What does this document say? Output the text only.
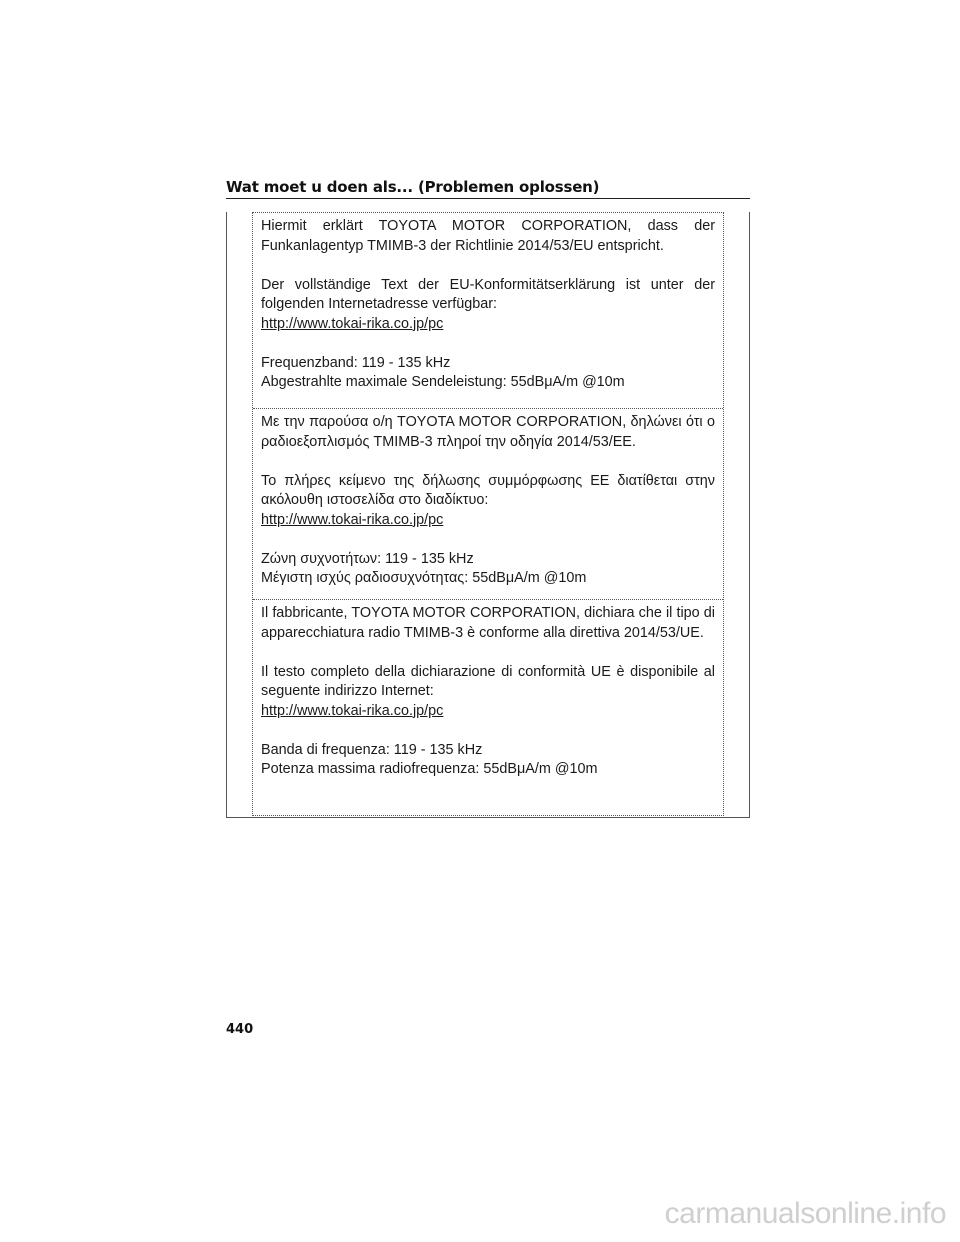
Wat moet u doen als... (Problemen oplossen)

Hiermit erklärt TOYOTA MOTOR CORPORATION, dass der Funkanlagentyp TMIMB-3 der Richtlinie 2014/53/EU entspricht.

Der vollständige Text der EU-Konformitätserklärung ist unter der folgenden Internetadresse verfügbar:

http://www.tokai-rika.co.jp/pc

Frequenzband: 119 - 135 kHz

Abgestrahlte maximale Sendeleistung: 55dBμA/m @10m

Με την παρούσα ο/η TOYOTA MOTOR CORPORATION, δηλώνει ότι ο ραδιοεξοπλισμός TMIMB-3 πληροί την οδηγία 2014/53/ΕΕ.

Το πλήρες κείμενο της δήλωσης συμμόρφωσης ΕΕ διατίθεται στην ακόλουθη ιστοσελίδα στο διαδίκτυο:

http://www.tokai-rika.co.jp/pc

Ζώνη συχνοτήτων: 119 - 135 kHz

Μέγιστη ισχύς ραδιοσυχνότητας: 55dBμA/m @10m

Il fabbricante, TOYOTA MOTOR CORPORATION, dichiara che il tipo di apparecchiatura radio TMIMB-3 è conforme alla direttiva 2014/53/UE.

Il testo completo della dichiarazione di conformità UE è disponibile al seguente indirizzo Internet:

http://www.tokai-rika.co.jp/pc

Banda di frequenza: 119 - 135 kHz

Potenza massima radiofrequenza: 55dBμA/m @10m

440
carmanualsonline.info
